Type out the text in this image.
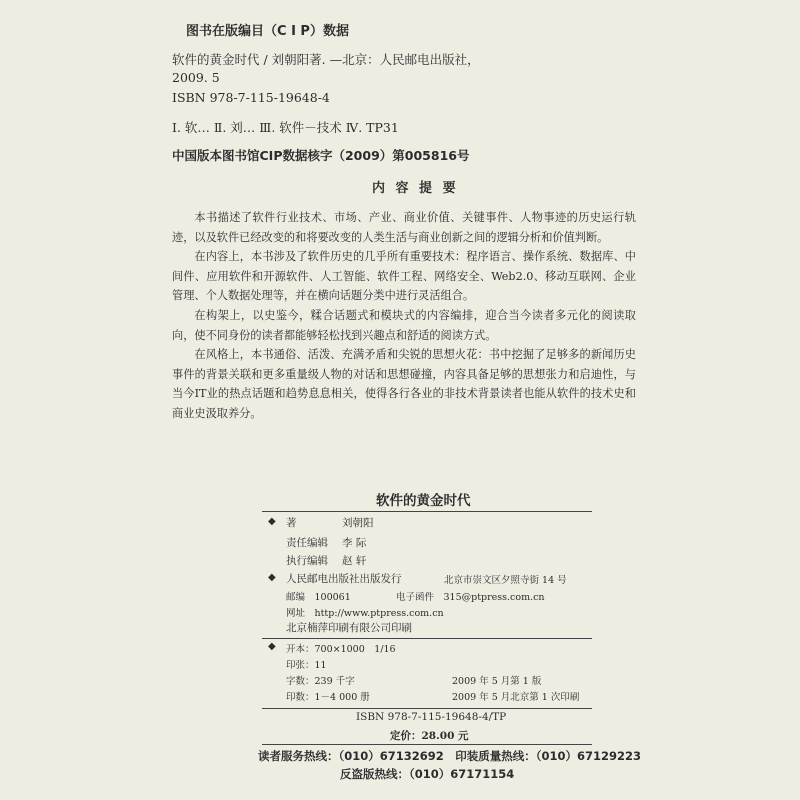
图书在版编目（C I P）数据
软件的黄金时代 / 刘朝阳著. —北京：人民邮电出版社，
2009. 5
ISBN 978-7-115-19648-4
Ⅰ. 软… Ⅱ. 刘… Ⅲ. 软件－技术 Ⅳ. TP31
中国版本图书馆CIP数据核字（2009）第005816号
内 容 提 要
本书描述了软件行业技术、市场、产业、商业价值、关键事件、人物事迹的历史运行轨迹，以及软件已经改变的和将要改变的人类生活与商业创新之间的逻辑分析和价值判断。
在内容上，本书涉及了软件历史的几乎所有重要技术：程序语言、操作系统、数据库、中间件、应用软件和开源软件、人工智能、软件工程、网络安全、Web2.0、移动互联网、企业管理、个人数据处理等，并在横向话题分类中进行灵活组合。
在构架上，以史鉴今，糅合话题式和模块式的内容编排，迎合当今读者多元化的阅读取向，使不同身份的读者都能够轻松找到兴趣点和舒适的阅读方式。
在风格上，本书通俗、活泼、充满矛盾和尖锐的思想火花：书中挖掘了足够多的新闻历史事件的背景关联和更多重量级人物的对话和思想碰撞，内容具备足够的思想张力和启迪性，与当今IT业的热点话题和趋势息息相关，使得各行各业的非技术背景读者也能从软件的技术史和商业史汲取养分。
软件的黄金时代
◆ 著	刘朝阳
责任编辑 李 际
执行编辑 赵 轩
◆ 人民邮电出版社出版发行	北京市崇文区夕照寺街 14 号
邮编　100061	电子函件　315@ptpress.com.cn
网址　http://www.ptpress.com.cn
北京楠萍印刷有限公司印刷
◆ 开本：700×1000　1/16
印张：11
字数：239 千字	2009 年 5 月第 1 版
印数：1－4 000 册	2009 年 5 月北京第 1 次印刷
ISBN 978-7-115-19648-4/TP
定价：28.00 元
读者服务热线：（010）67132692　印装质量热线：（010）67129223
反盗版热线：（010）67171154
